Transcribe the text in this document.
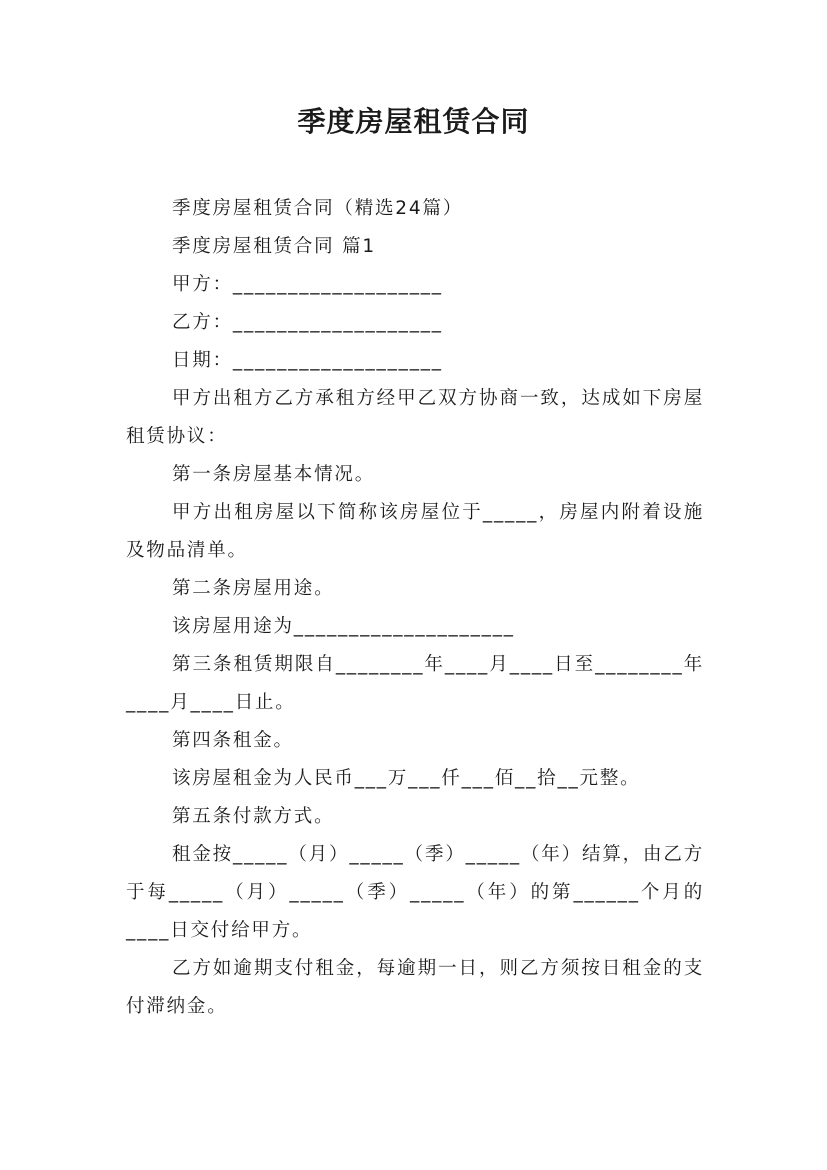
季度房屋租赁合同

季度房屋租赁合同（精选24篇）

季度房屋租赁合同 篇1

甲方：___________________

乙方：___________________

日期：___________________

甲方出租方乙方承租方经甲乙双方协商一致，达成如下房屋租赁协议：

第一条房屋基本情况。

甲方出租房屋以下简称该房屋位于_____，房屋内附着设施及物品清单。

第二条房屋用途。

该房屋用途为____________________

第三条租赁期限自________年____月____日至________年____月____日止。

第四条租金。

该房屋租金为人民币___万___仟___佰__拾__元整。

第五条付款方式。

租金按_____（月）_____（季）_____（年）结算，由乙方于每_____（月）_____（季）_____（年）的第______个月的____日交付给甲方。

乙方如逾期支付租金，每逾期一日，则乙方须按日租金的支付滞纳金。
